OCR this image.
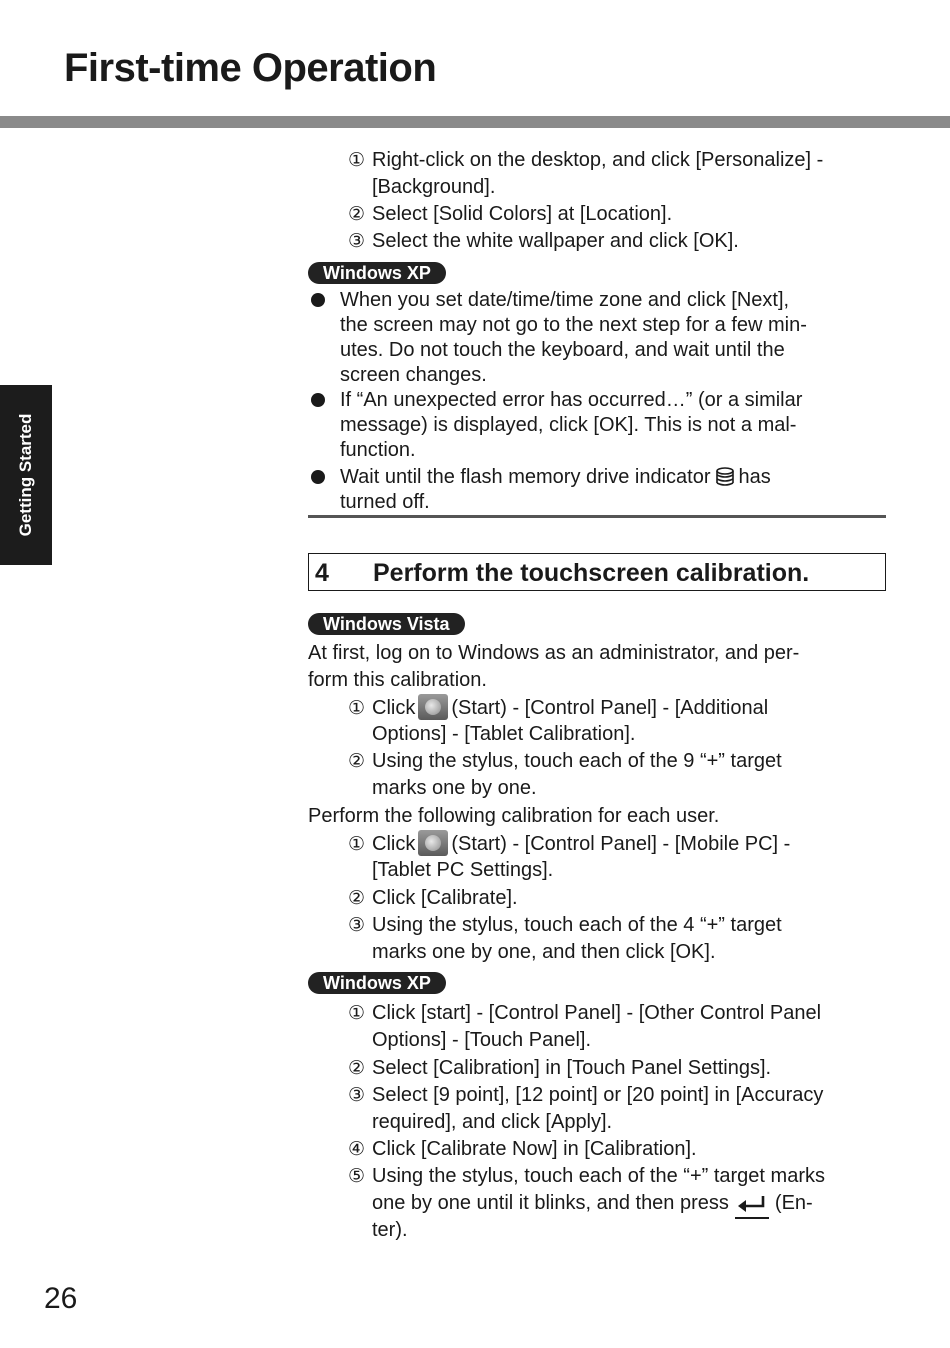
First-time Operation
Getting Started
26
① Right-click on the desktop, and click [Personalize] -
[Background].
② Select [Solid Colors] at [Location].
③ Select the white wallpaper and click [OK].
Windows XP
When you set date/time/time zone and click [Next],
the screen may not go to the next step for a few min-
utes. Do not touch the keyboard, and wait until the
screen changes.
If “An unexpected error has occurred…” (or a similar
message) is displayed, click [OK]. This is not a mal-
function.
Wait until the flash memory drive indicator has
turned off.
4 Perform the touchscreen calibration.
Windows Vista
At first, log on to Windows as an administrator, and per-
form this calibration.
① Click (Start) - [Control Panel] - [Additional
Options] - [Tablet Calibration].
② Using the stylus, touch each of the 9 “+” target
marks one by one.
Perform the following calibration for each user.
① Click (Start) - [Control Panel] - [Mobile PC] -
[Tablet PC Settings].
② Click [Calibrate].
③ Using the stylus, touch each of the 4 “+” target
marks one by one, and then click [OK].
Windows XP
① Click [start] - [Control Panel] - [Other Control Panel
Options] - [Touch Panel].
② Select [Calibration] in [Touch Panel Settings].
③ Select [9 point], [12 point] or [20 point] in [Accuracy
required], and click [Apply].
④ Click [Calibrate Now] in [Calibration].
⑤ Using the stylus, touch each of the “+” target marks
one by one until it blinks, and then press (En-
ter).
